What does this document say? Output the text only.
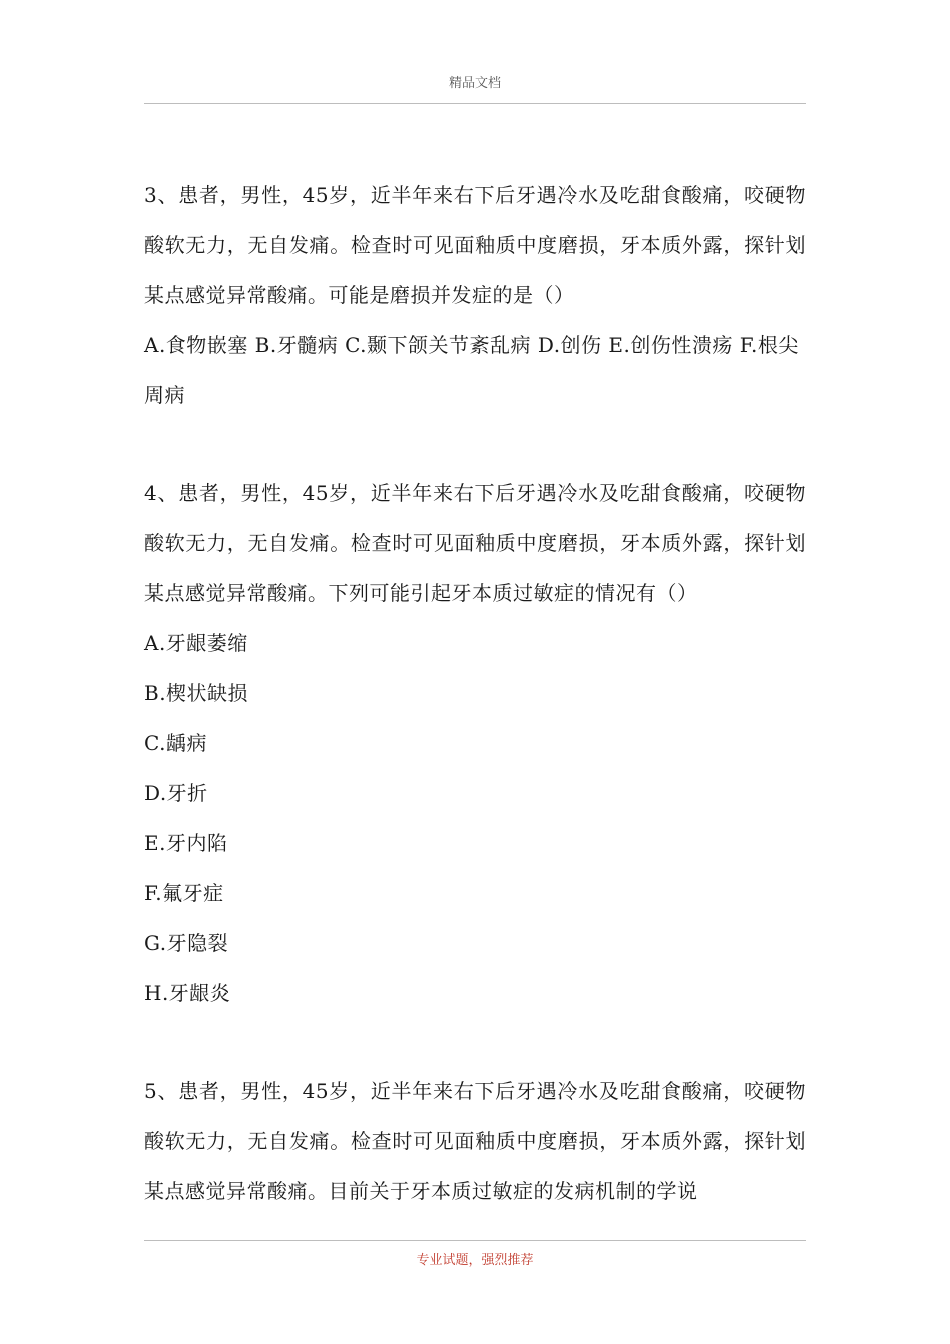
精品文档

3、患者，男性，45岁，近半年来右下后牙遇冷水及吃甜食酸痛，咬硬物酸软无力，无自发痛。检查时可见面釉质中度磨损，牙本质外露，探针划某点感觉异常酸痛。可能是磨损并发症的是（）

A.食物嵌塞 B.牙髓病 C.颞下颌关节紊乱病 D.创伤 E.创伤性溃疡 F.根尖周病

4、患者，男性，45岁，近半年来右下后牙遇冷水及吃甜食酸痛，咬硬物酸软无力，无自发痛。检查时可见面釉质中度磨损，牙本质外露，探针划某点感觉异常酸痛。下列可能引起牙本质过敏症的情况有（）

A.牙龈萎缩
B.楔状缺损
C.龋病
D.牙折
E.牙内陷
F.氟牙症
G.牙隐裂
H.牙龈炎

5、患者，男性，45岁，近半年来右下后牙遇冷水及吃甜食酸痛，咬硬物酸软无力，无自发痛。检查时可见面釉质中度磨损，牙本质外露，探针划某点感觉异常酸痛。目前关于牙本质过敏症的发病机制的学说

专业试题，强烈推荐
